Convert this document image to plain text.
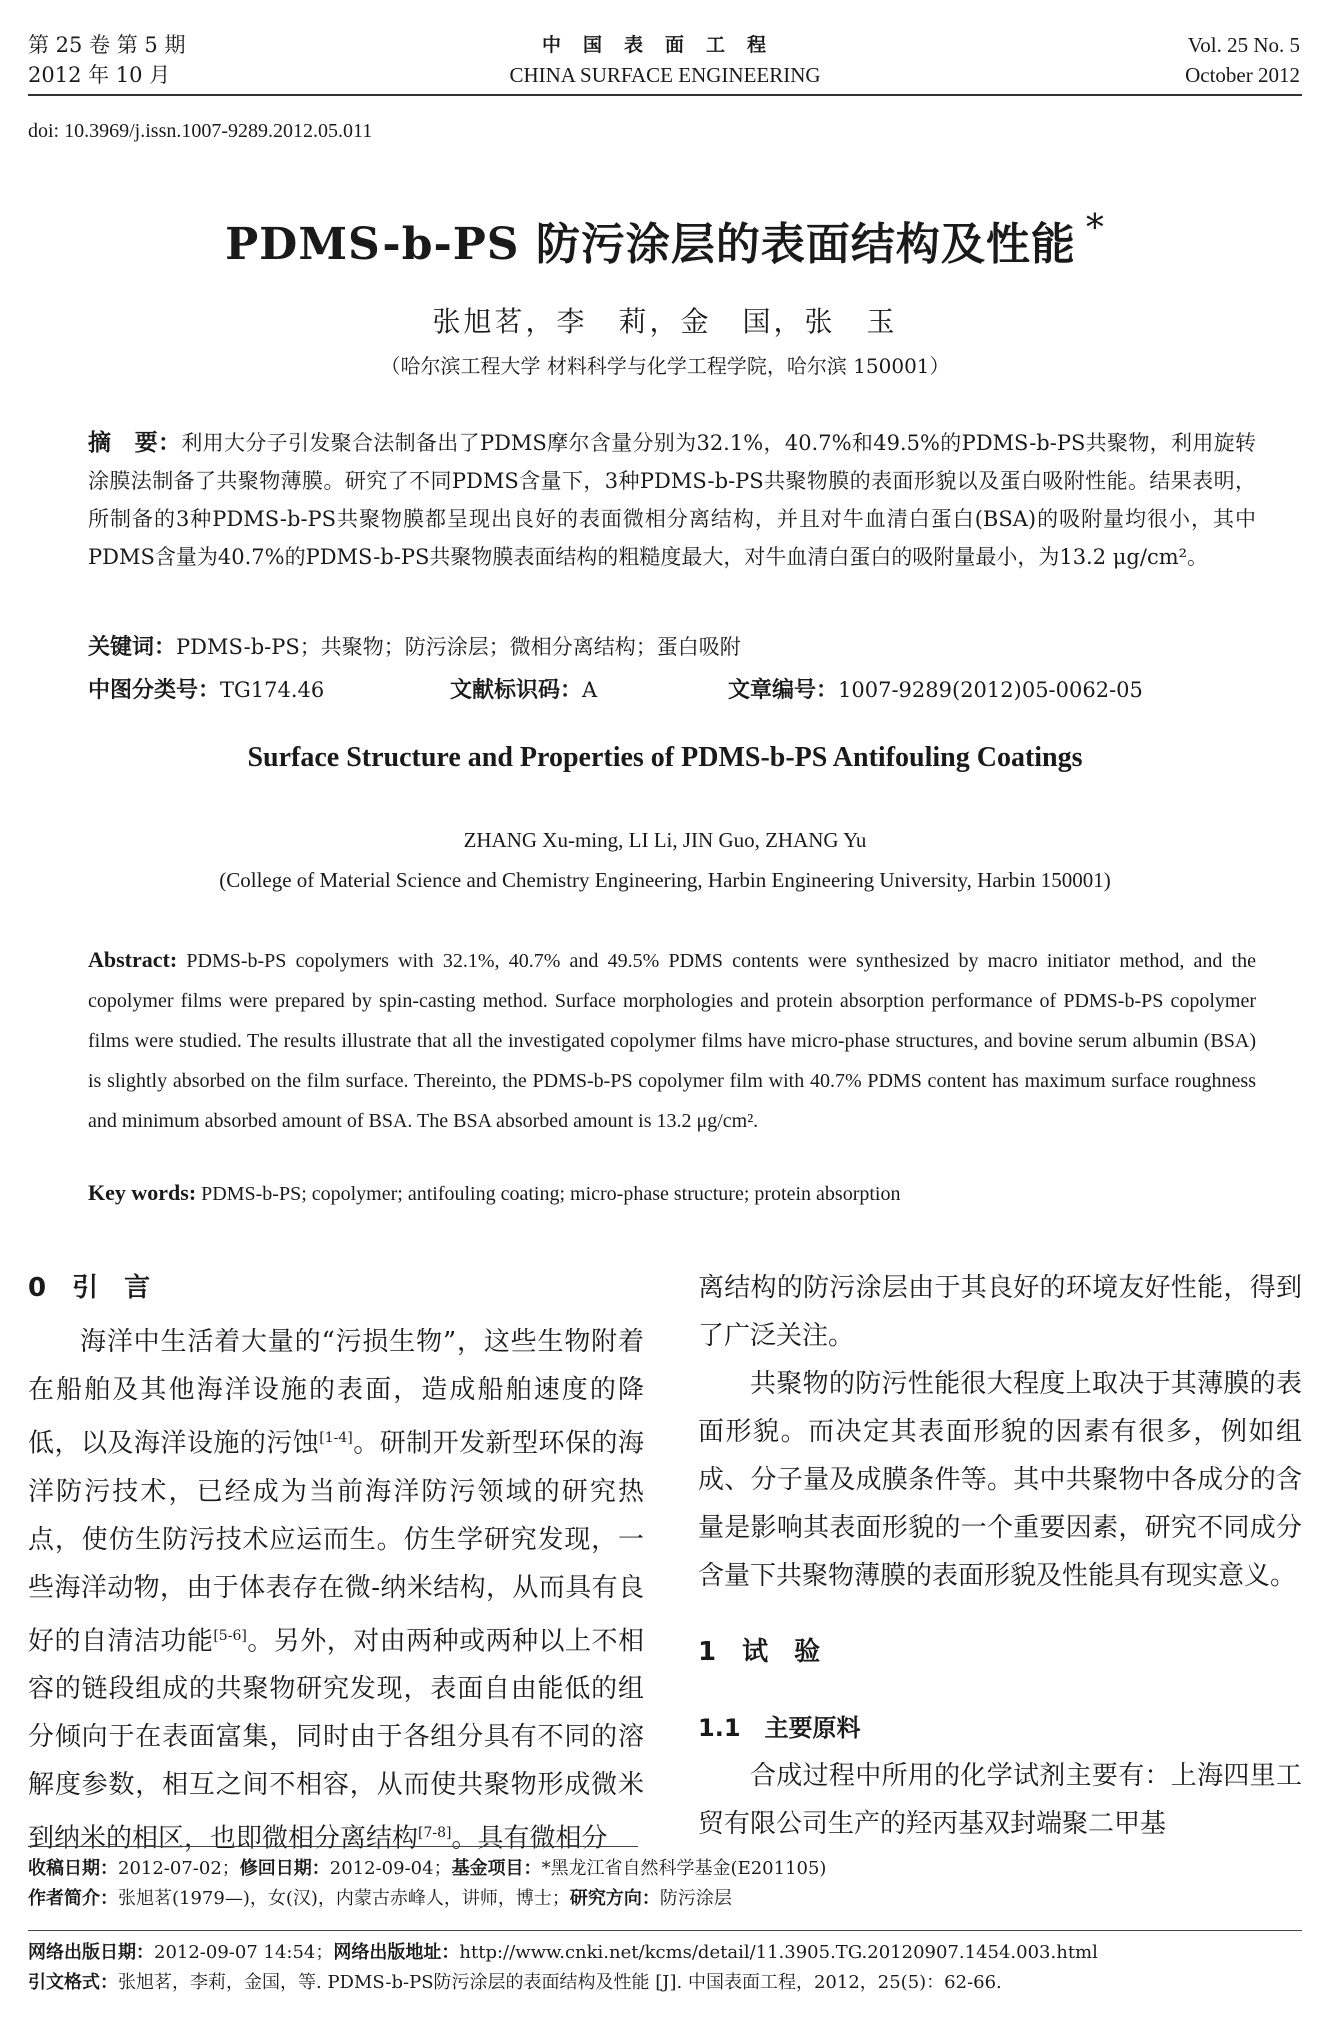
第 25 卷 第 5 期
2012 年 10 月
中国表面工程
CHINA SURFACE ENGINEERING
Vol. 25 No. 5
October 2012
doi: 10.3969/j.issn.1007-9289.2012.05.011
PDMS-b-PS 防污涂层的表面结构及性能 *
张旭茗，李　莉，金　国，张　玉
（哈尔滨工程大学 材料科学与化学工程学院，哈尔滨 150001）
摘　要：利用大分子引发聚合法制备出了PDMS摩尔含量分别为32.1%，40.7%和49.5%的PDMS-b-PS共聚物，利用旋转涂膜法制备了共聚物薄膜。研究了不同PDMS含量下，3种PDMS-b-PS共聚物膜的表面形貌以及蛋白吸附性能。结果表明，所制备的3种PDMS-b-PS共聚物膜都呈现出良好的表面微相分离结构，并且对牛血清白蛋白(BSA)的吸附量均很小，其中PDMS含量为40.7%的PDMS-b-PS共聚物膜表面结构的粗糙度最大，对牛血清白蛋白的吸附量最小，为13.2 μg/cm²。
关键词：PDMS-b-PS；共聚物；防污涂层；微相分离结构；蛋白吸附
中图分类号：TG174.46	文献标识码：A	文章编号：1007-9289(2012)05-0062-05
Surface Structure and Properties of PDMS-b-PS Antifouling Coatings
ZHANG Xu-ming, LI Li, JIN Guo, ZHANG Yu
(College of Material Science and Chemistry Engineering, Harbin Engineering University, Harbin 150001)
Abstract: PDMS-b-PS copolymers with 32.1%, 40.7% and 49.5% PDMS contents were synthesized by macro initiator method, and the copolymer films were prepared by spin-casting method. Surface morphologies and protein absorption performance of PDMS-b-PS copolymer films were studied. The results illustrate that all the investigated copolymer films have micro-phase structures, and bovine serum albumin (BSA) is slightly absorbed on the film surface. Thereinto, the PDMS-b-PS copolymer film with 40.7% PDMS content has maximum surface roughness and minimum absorbed amount of BSA. The BSA absorbed amount is 13.2 μg/cm².
Key words: PDMS-b-PS; copolymer; antifouling coating; micro-phase structure; protein absorption
0　引　言

海洋中生活着大量的“污损生物”，这些生物附着在船舶及其他海洋设施的表面，造成船舶速度的降低，以及海洋设施的污蚀[1-4]。研制开发新型环保的海洋防污技术，已经成为当前海洋防污领域的研究热点，使仿生防污技术应运而生。仿生学研究发现，一些海洋动物，由于体表存在微-纳米结构，从而具有良好的自清洁功能[5-6]。另外，对由两种或两种以上不相容的链段组成的共聚物研究发现，表面自由能低的组分倾向于在表面富集，同时由于各组分具有不同的溶解度参数，相互之间不相容，从而使共聚物形成微米到纳米的相区，也即微相分离结构[7-8]。具有微相分

离结构的防污涂层由于其良好的环境友好性能，得到了广泛关注。

共聚物的防污性能很大程度上取决于其薄膜的表面形貌。而决定其表面形貌的因素有很多，例如组成、分子量及成膜条件等。其中共聚物中各成分的含量是影响其表面形貌的一个重要因素，研究不同成分含量下共聚物薄膜的表面形貌及性能具有现实意义。

1　试　验
1.1　主要原料

合成过程中所用的化学试剂主要有：上海四里工贸有限公司生产的羟丙基双封端聚二甲基

收稿日期：2012-07-02；修回日期：2012-09-04；基金项目：*黑龙江省自然科学基金(E201105)
作者简介：张旭茗(1979—)，女(汉)，内蒙古赤峰人，讲师，博士；研究方向：防污涂层
网络出版日期：2012-09-07 14:54；网络出版地址：http://www.cnki.net/kcms/detail/11.3905.TG.20120907.1454.003.html
引文格式：张旭茗，李莉，金国，等. PDMS-b-PS防污涂层的表面结构及性能 [J]. 中国表面工程，2012，25(5)：62-66.
